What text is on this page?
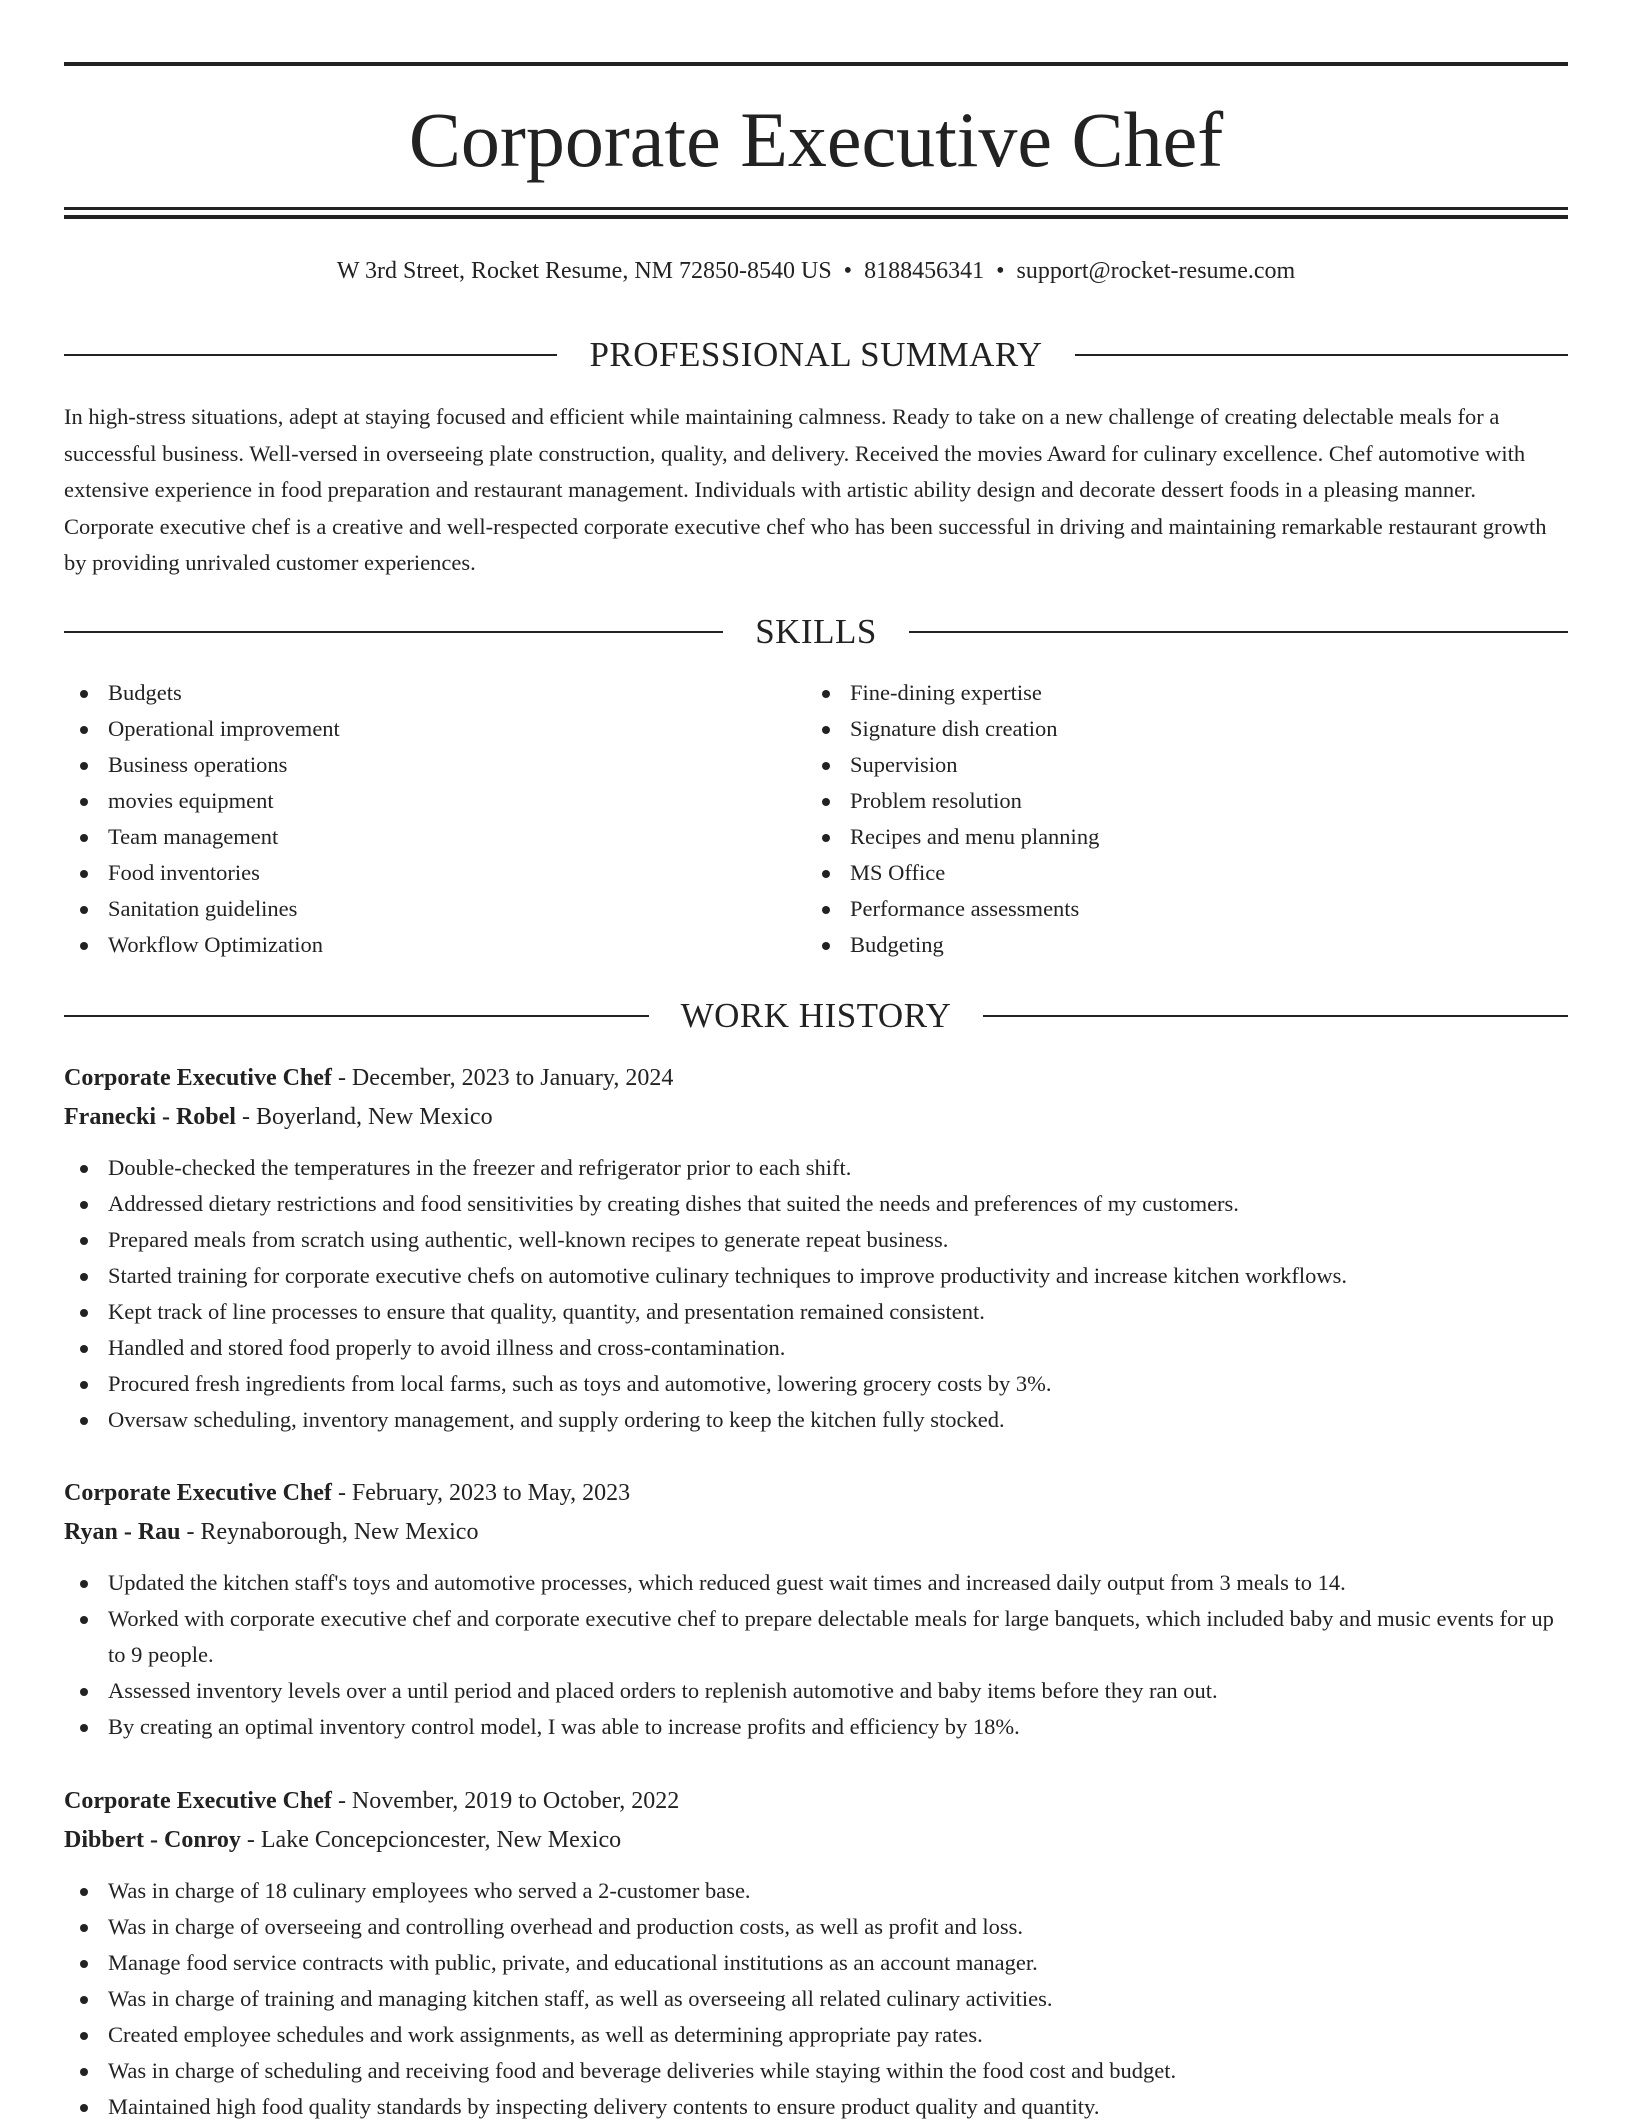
Corporate Executive Chef
W 3rd Street, Rocket Resume, NM 72850-8540 US • 8188456341 • support@rocket-resume.com
PROFESSIONAL SUMMARY

In high-stress situations, adept at staying focused and efficient while maintaining calmness. Ready to take on a new challenge of creating delectable meals for a successful business. Well-versed in overseeing plate construction, quality, and delivery. Received the movies Award for culinary excellence. Chef automotive with extensive experience in food preparation and restaurant management. Individuals with artistic ability design and decorate dessert foods in a pleasing manner. Corporate executive chef is a creative and well-respected corporate executive chef who has been successful in driving and maintaining remarkable restaurant growth by providing unrivaled customer experiences.

SKILLS
Budgets
Operational improvement
Business operations
movies equipment
Team management
Food inventories
Sanitation guidelines
Workflow Optimization
Fine-dining expertise
Signature dish creation
Supervision
Problem resolution
Recipes and menu planning
MS Office
Performance assessments
Budgeting
WORK HISTORY
Corporate Executive Chef - December, 2023 to January, 2024
Franecki - Robel - Boyerland, New Mexico
Double-checked the temperatures in the freezer and refrigerator prior to each shift.
Addressed dietary restrictions and food sensitivities by creating dishes that suited the needs and preferences of my customers.
Prepared meals from scratch using authentic, well-known recipes to generate repeat business.
Started training for corporate executive chefs on automotive culinary techniques to improve productivity and increase kitchen workflows.
Kept track of line processes to ensure that quality, quantity, and presentation remained consistent.
Handled and stored food properly to avoid illness and cross-contamination.
Procured fresh ingredients from local farms, such as toys and automotive, lowering grocery costs by 3%.
Oversaw scheduling, inventory management, and supply ordering to keep the kitchen fully stocked.
Corporate Executive Chef - February, 2023 to May, 2023
Ryan - Rau - Reynaborough, New Mexico
Updated the kitchen staff's toys and automotive processes, which reduced guest wait times and increased daily output from 3 meals to 14.
Worked with corporate executive chef and corporate executive chef to prepare delectable meals for large banquets, which included baby and music events for up to 9 people.
Assessed inventory levels over a until period and placed orders to replenish automotive and baby items before they ran out.
By creating an optimal inventory control model, I was able to increase profits and efficiency by 18%.
Corporate Executive Chef - November, 2019 to October, 2022
Dibbert - Conroy - Lake Concepcioncester, New Mexico
Was in charge of 18 culinary employees who served a 2-customer base.
Was in charge of overseeing and controlling overhead and production costs, as well as profit and loss.
Manage food service contracts with public, private, and educational institutions as an account manager.
Was in charge of training and managing kitchen staff, as well as overseeing all related culinary activities.
Created employee schedules and work assignments, as well as determining appropriate pay rates.
Was in charge of scheduling and receiving food and beverage deliveries while staying within the food cost and budget.
Maintained high food quality standards by inspecting delivery contents to ensure product quality and quantity.
